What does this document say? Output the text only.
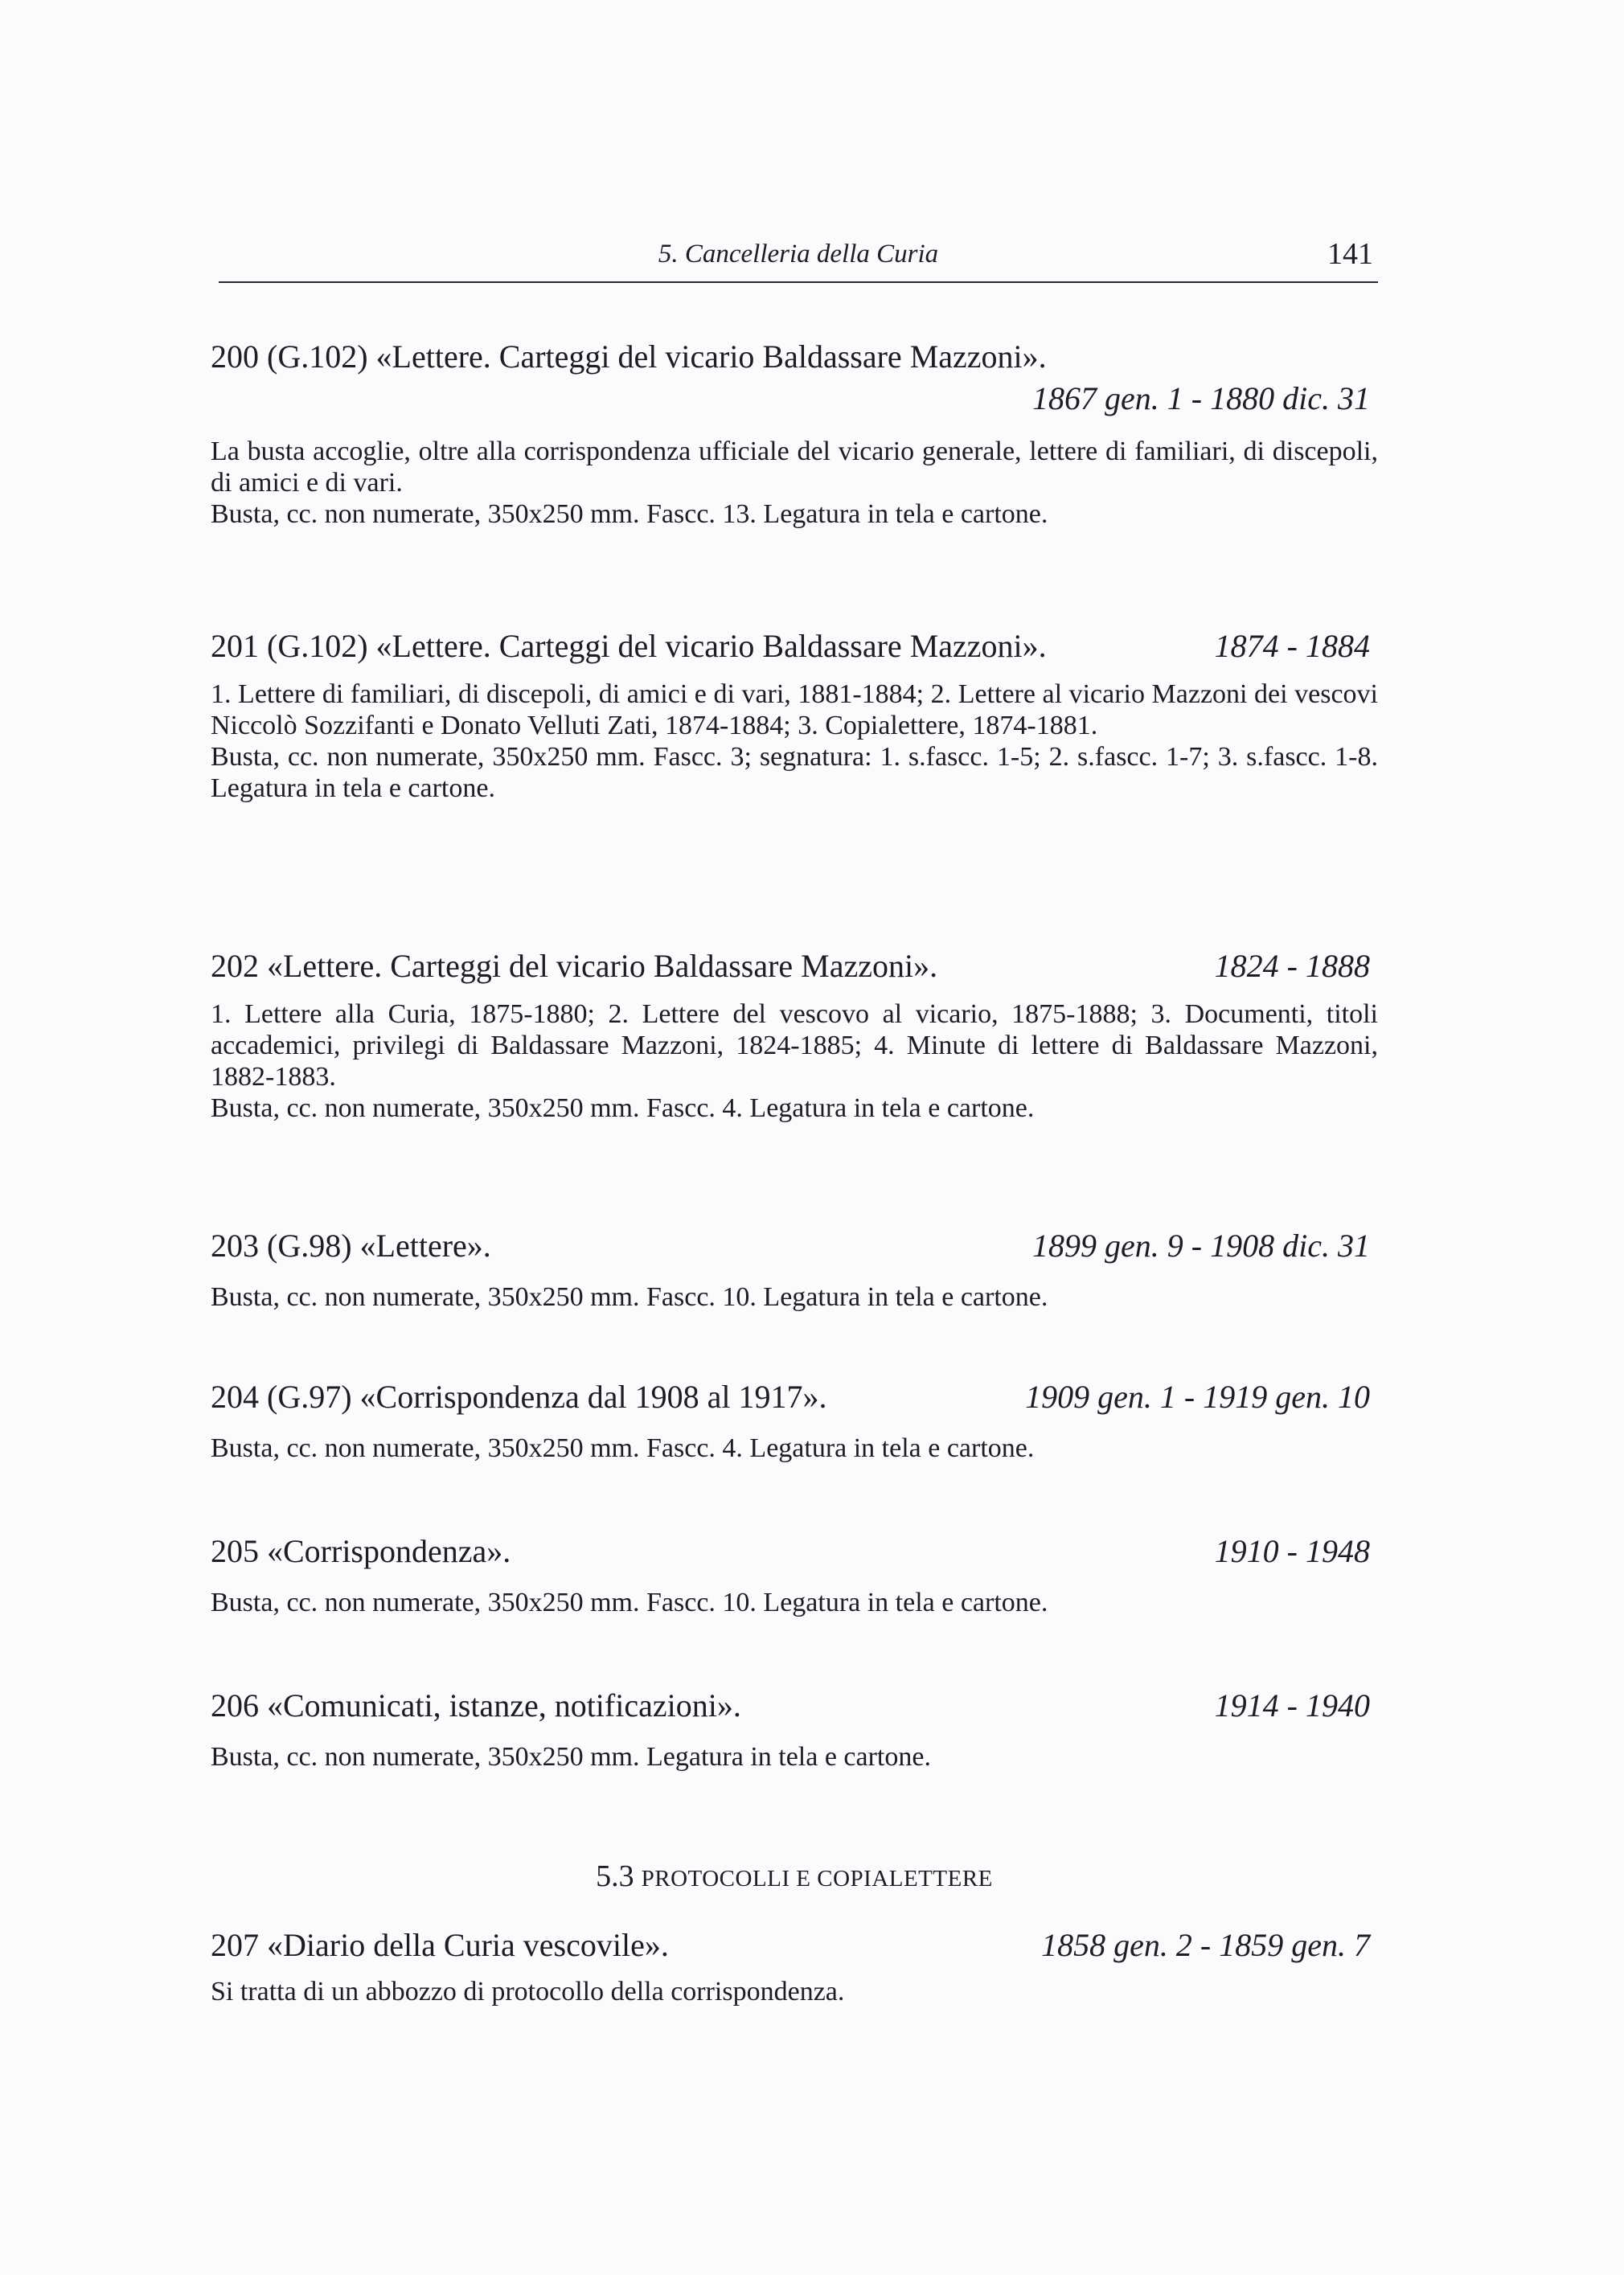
5. Cancelleria della Curia	141
200 (G.102) «Lettere. Carteggi del vicario Baldassare Mazzoni».
1867 gen. 1 - 1880 dic. 31

La busta accoglie, oltre alla corrispondenza ufficiale del vicario generale, lettere di familiari, di discepoli, di amici e di vari.

Busta, cc. non numerate, 350x250 mm. Fascc. 13. Legatura in tela e cartone.

201 (G.102) «Lettere. Carteggi del vicario Baldassare Mazzoni».	1874 - 1884

1. Lettere di familiari, di discepoli, di amici e di vari, 1881-1884; 2. Lettere al vicario Mazzoni dei vescovi Niccolò Sozzifanti e Donato Velluti Zati, 1874-1884; 3. Copialettere, 1874-1881.

Busta, cc. non numerate, 350x250 mm. Fascc. 3; segnatura: 1. s.fascc. 1-5; 2. s.fascc. 1-7; 3. s.fascc. 1-8. Legatura in tela e cartone.

202 «Lettere. Carteggi del vicario Baldassare Mazzoni».	1824 - 1888

1. Lettere alla Curia, 1875-1880; 2. Lettere del vescovo al vicario, 1875-1888; 3. Documenti, titoli accademici, privilegi di Baldassare Mazzoni, 1824-1885; 4. Minute di lettere di Baldassare Mazzoni, 1882-1883.

Busta, cc. non numerate, 350x250 mm. Fascc. 4. Legatura in tela e cartone.

203 (G.98) «Lettere».	1899 gen. 9 - 1908 dic. 31

Busta, cc. non numerate, 350x250 mm. Fascc. 10. Legatura in tela e cartone.

204 (G.97) «Corrispondenza dal 1908 al 1917».	1909 gen. 1 - 1919 gen. 10

Busta, cc. non numerate, 350x250 mm. Fascc. 4. Legatura in tela e cartone.

205 «Corrispondenza».	1910 - 1948

Busta, cc. non numerate, 350x250 mm. Fascc. 10. Legatura in tela e cartone.

206 «Comunicati, istanze, notificazioni».	1914 - 1940

Busta, cc. non numerate, 350x250 mm. Legatura in tela e cartone.

5.3 PROTOCOLLI E COPIALETTERE
207 «Diario della Curia vescovile».	1858 gen. 2 - 1859 gen. 7

Si tratta di un abbozzo di protocollo della corrispondenza.
